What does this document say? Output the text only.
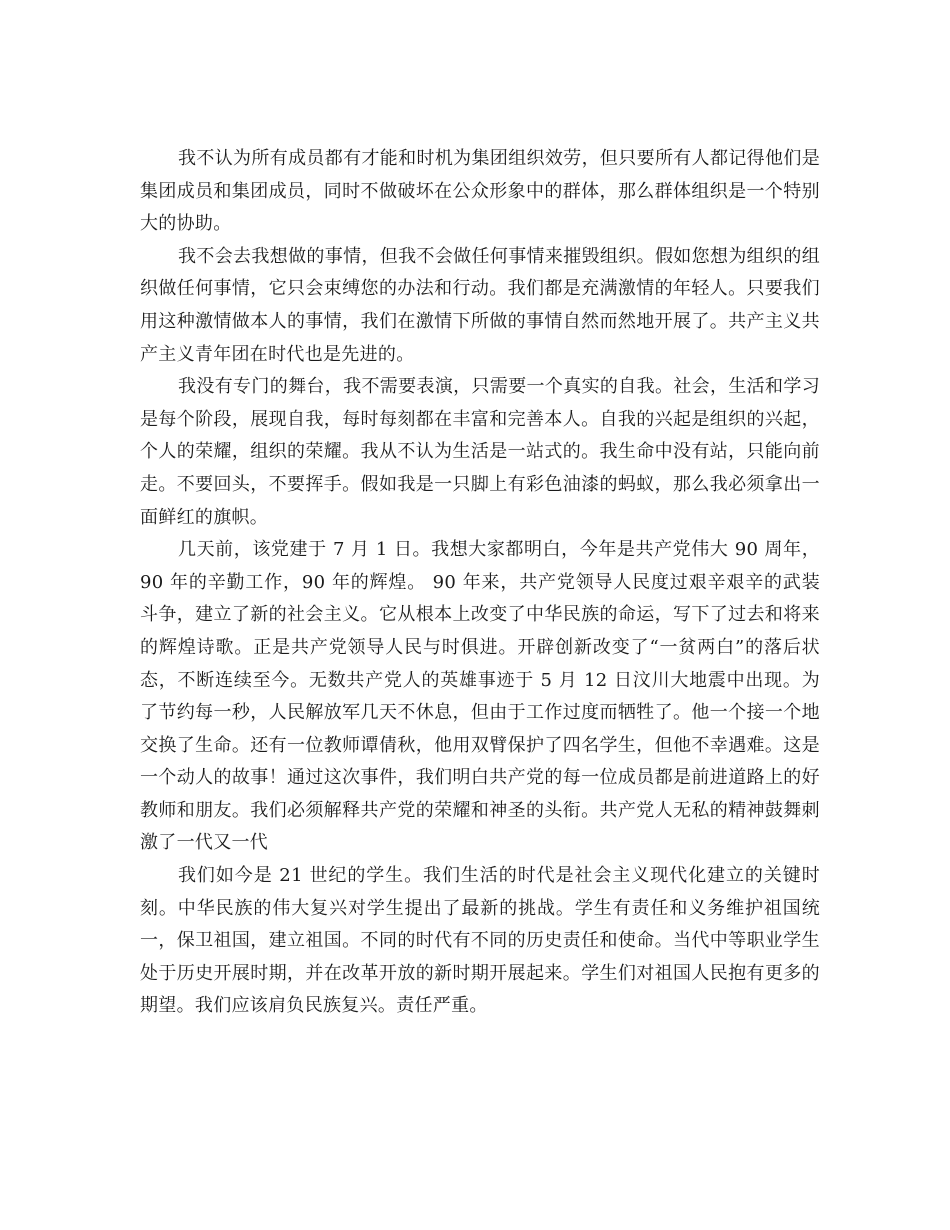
我不认为所有成员都有才能和时机为集团组织效劳，但只要所有人都记得他们是集团成员和集团成员，同时不做破坏在公众形象中的群体，那么群体组织是一个特别大的协助。

我不会去我想做的事情，但我不会做任何事情来摧毁组织。假如您想为组织的组织做任何事情，它只会束缚您的办法和行动。我们都是充满激情的年轻人。只要我们用这种激情做本人的事情，我们在激情下所做的事情自然而然地开展了。共产主义共产主义青年团在时代也是先进的。

我没有专门的舞台，我不需要表演，只需要一个真实的自我。社会，生活和学习是每个阶段，展现自我，每时每刻都在丰富和完善本人。自我的兴起是组织的兴起，个人的荣耀，组织的荣耀。我从不认为生活是一站式的。我生命中没有站，只能向前走。不要回头，不要挥手。假如我是一只脚上有彩色油漆的蚂蚁，那么我必须拿出一面鲜红的旗帜。

几天前，该党建于 7 月 1 日。我想大家都明白，今年是共产党伟大 90 周年，90 年的辛勤工作，90 年的辉煌。 90 年来，共产党领导人民度过艰辛艰辛的武装斗争，建立了新的社会主义。它从根本上改变了中华民族的命运，写下了过去和将来的辉煌诗歌。正是共产党领导人民与时俱进。开辟创新改变了“一贫两白”的落后状态，不断连续至今。无数共产党人的英雄事迹于 5 月 12 日汶川大地震中出现。为了节约每一秒，人民解放军几天不休息，但由于工作过度而牺牲了。他一个接一个地交换了生命。还有一位教师谭倩秋，他用双臂保护了四名学生，但他不幸遇难。这是一个动人的故事！通过这次事件，我们明白共产党的每一位成员都是前进道路上的好教师和朋友。我们必须解释共产党的荣耀和神圣的头衔。共产党人无私的精神鼓舞刺激了一代又一代

我们如今是 21 世纪的学生。我们生活的时代是社会主义现代化建立的关键时刻。中华民族的伟大复兴对学生提出了最新的挑战。学生有责任和义务维护祖国统一，保卫祖国，建立祖国。不同的时代有不同的历史责任和使命。当代中等职业学生处于历史开展时期，并在改革开放的新时期开展起来。学生们对祖国人民抱有更多的期望。我们应该肩负民族复兴。责任严重。
